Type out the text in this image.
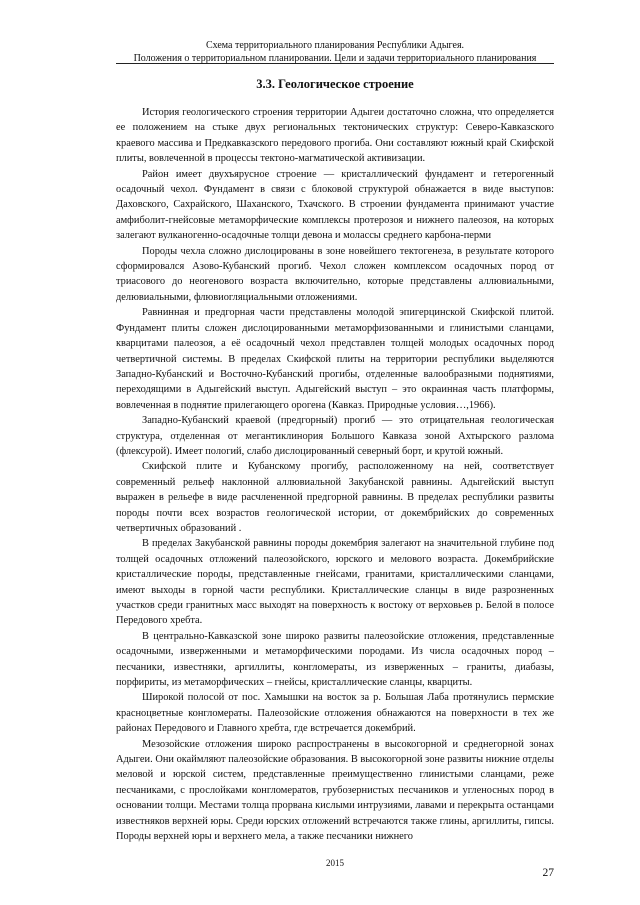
Схема территориального планирования Республики Адыгея.
Положения о территориальном планировании. Цели и задачи территориального планирования
3.3. Геологическое строение

История геологического строения территории Адыгеи достаточно сложна, что определяется ее положением на стыке двух региональных тектонических структур: Северо-Кавказского краевого массива и Предкавказского передового прогиба. Они составляют южный край Скифской плиты, вовлеченной в процессы тектоно-магматической активизации.

Район имеет двухъярусное строение — кристаллический фундамент и гетерогенный осадочный чехол. Фундамент в связи с блоковой структурой обнажается в виде выступов: Даховского, Сахрайского, Шаханского, Тхачского. В строении фундамента принимают участие амфиболит-гнейсовые метаморфические комплексы протерозоя и нижнего палеозоя, на которых залегают вулканогенно-осадочные толщи девона и молассы среднего карбона-перми

Породы чехла сложно дислоцированы в зоне новейшего тектогенеза, в результате которого сформировался Азово-Кубанский прогиб. Чехол сложен комплексом осадочных пород от триасового до неогенового возраста включительно, которые представлены аллювиальными, делювиальными, флювиогляциальными отложениями.

Равнинная и предгорная части представлены молодой эпигерцинской Скифской плитой. Фундамент плиты сложен дислоцированными метаморфизованными и глинистыми сланцами, кварцитами палеозоя, а её осадочный чехол представлен толщей молодых осадочных пород четвертичной системы. В пределах Скифской плиты на территории республики выделяются Западно-Кубанский и Восточно-Кубанский прогибы, отделенные валообразными поднятиями, переходящими в Адыгейский выступ. Адыгейский выступ – это окраинная часть платформы, вовлеченная в поднятие прилегающего орогена (Кавказ. Природные условия…,1966).

Западно-Кубанский краевой (предгорный) прогиб — это отрицательная геологическая структура, отделенная от мегантиклинория Большого Кавказа зоной Ахтырского разлома (флексурой). Имеет пологий, слабо дислоцированный северный борт, и крутой южный.

Скифской плите и Кубанскому прогибу, расположенному на ней, соответствует современный рельеф наклонной аллювиальной Закубанской равнины. Адыгейский выступ выражен в рельефе в виде расчлененной предгорной равнины. В пределах республики развиты породы почти всех возрастов геологической истории, от докембрийских до современных четвертичных образований .

В пределах Закубанской равнины породы докембрия залегают на значительной глубине под толщей осадочных отложений палеозойского, юрского и мелового возраста. Докембрийские кристаллические породы, представленные гнейсами, гранитами, кристаллическими сланцами, имеют выходы в горной части республики. Кристаллические сланцы в виде разрозненных участков среди гранитных масс выходят на поверхность к востоку от верховьев р. Белой в полосе Передового хребта.

В центрально-Кавказской зоне широко развиты палеозойские отложения, представленные осадочными, изверженными и метаморфическими породами. Из числа осадочных пород – песчаники, известняки, аргиллиты, конгломераты, из изверженных – граниты, диабазы, порфириты, из метаморфических – гнейсы, кристаллические сланцы, кварциты.

Широкой полосой от пос. Хамышки на восток за р. Большая Лаба протянулись пермские красноцветные конгломераты. Палеозойские отложения обнажаются на поверхности в тех же районах Передового и Главного хребта, где встречается докембрий.

Мезозойские отложения широко распространены в высокогорной и среднегорной зонах Адыгеи. Они окаймляют палеозойские образования. В высокогорной зоне развиты нижние отделы меловой и юрской систем, представленные преимущественно глинистыми сланцами, реже песчаниками, с прослойками конгломератов, грубозернистых песчаников и угленосных пород в основании толщи. Местами толща прорвана кислыми интрузиями, лавами и перекрыта останцами известняков верхней юры. Среди юрских отложений встречаются также глины, аргиллиты, гипсы. Породы верхней юры и верхнего мела, а также песчаники нижнего

2015
27
